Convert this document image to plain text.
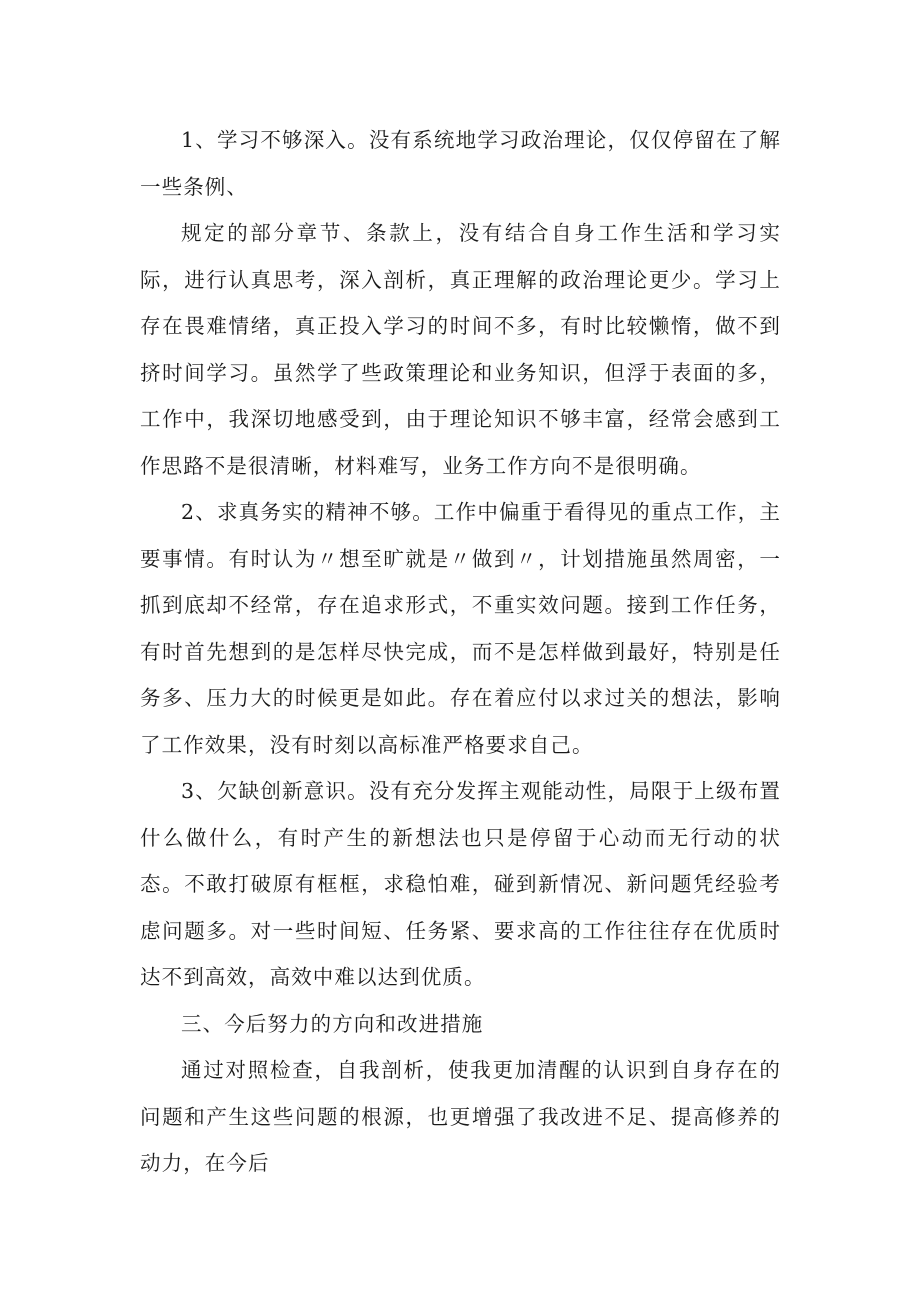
1、学习不够深入。没有系统地学习政治理论，仅仅停留在了解一些条例、

规定的部分章节、条款上，没有结合自身工作生活和学习实际，进行认真思考，深入剖析，真正理解的政治理论更少。学习上存在畏难情绪，真正投入学习的时间不多，有时比较懒惰，做不到挤时间学习。虽然学了些政策理论和业务知识，但浮于表面的多，工作中，我深切地感受到，由于理论知识不够丰富，经常会感到工作思路不是很清晰，材料难写，业务工作方向不是很明确。

2、求真务实的精神不够。工作中偏重于看得见的重点工作，主要事情。有时认为〃想至旷就是〃做到〃，计划措施虽然周密，一抓到底却不经常，存在追求形式，不重实效问题。接到工作任务，有时首先想到的是怎样尽快完成，而不是怎样做到最好，特别是任务多、压力大的时候更是如此。存在着应付以求过关的想法，影响了工作效果，没有时刻以高标准严格要求自己。

3、欠缺创新意识。没有充分发挥主观能动性，局限于上级布置什么做什么，有时产生的新想法也只是停留于心动而无行动的状态。不敢打破原有框框，求稳怕难，碰到新情况、新问题凭经验考虑问题多。对一些时间短、任务紧、要求高的工作往往存在优质时达不到高效，高效中难以达到优质。

三、今后努力的方向和改进措施

通过对照检查，自我剖析，使我更加清醒的认识到自身存在的问题和产生这些问题的根源，也更增强了我改进不足、提高修养的动力，在今后
